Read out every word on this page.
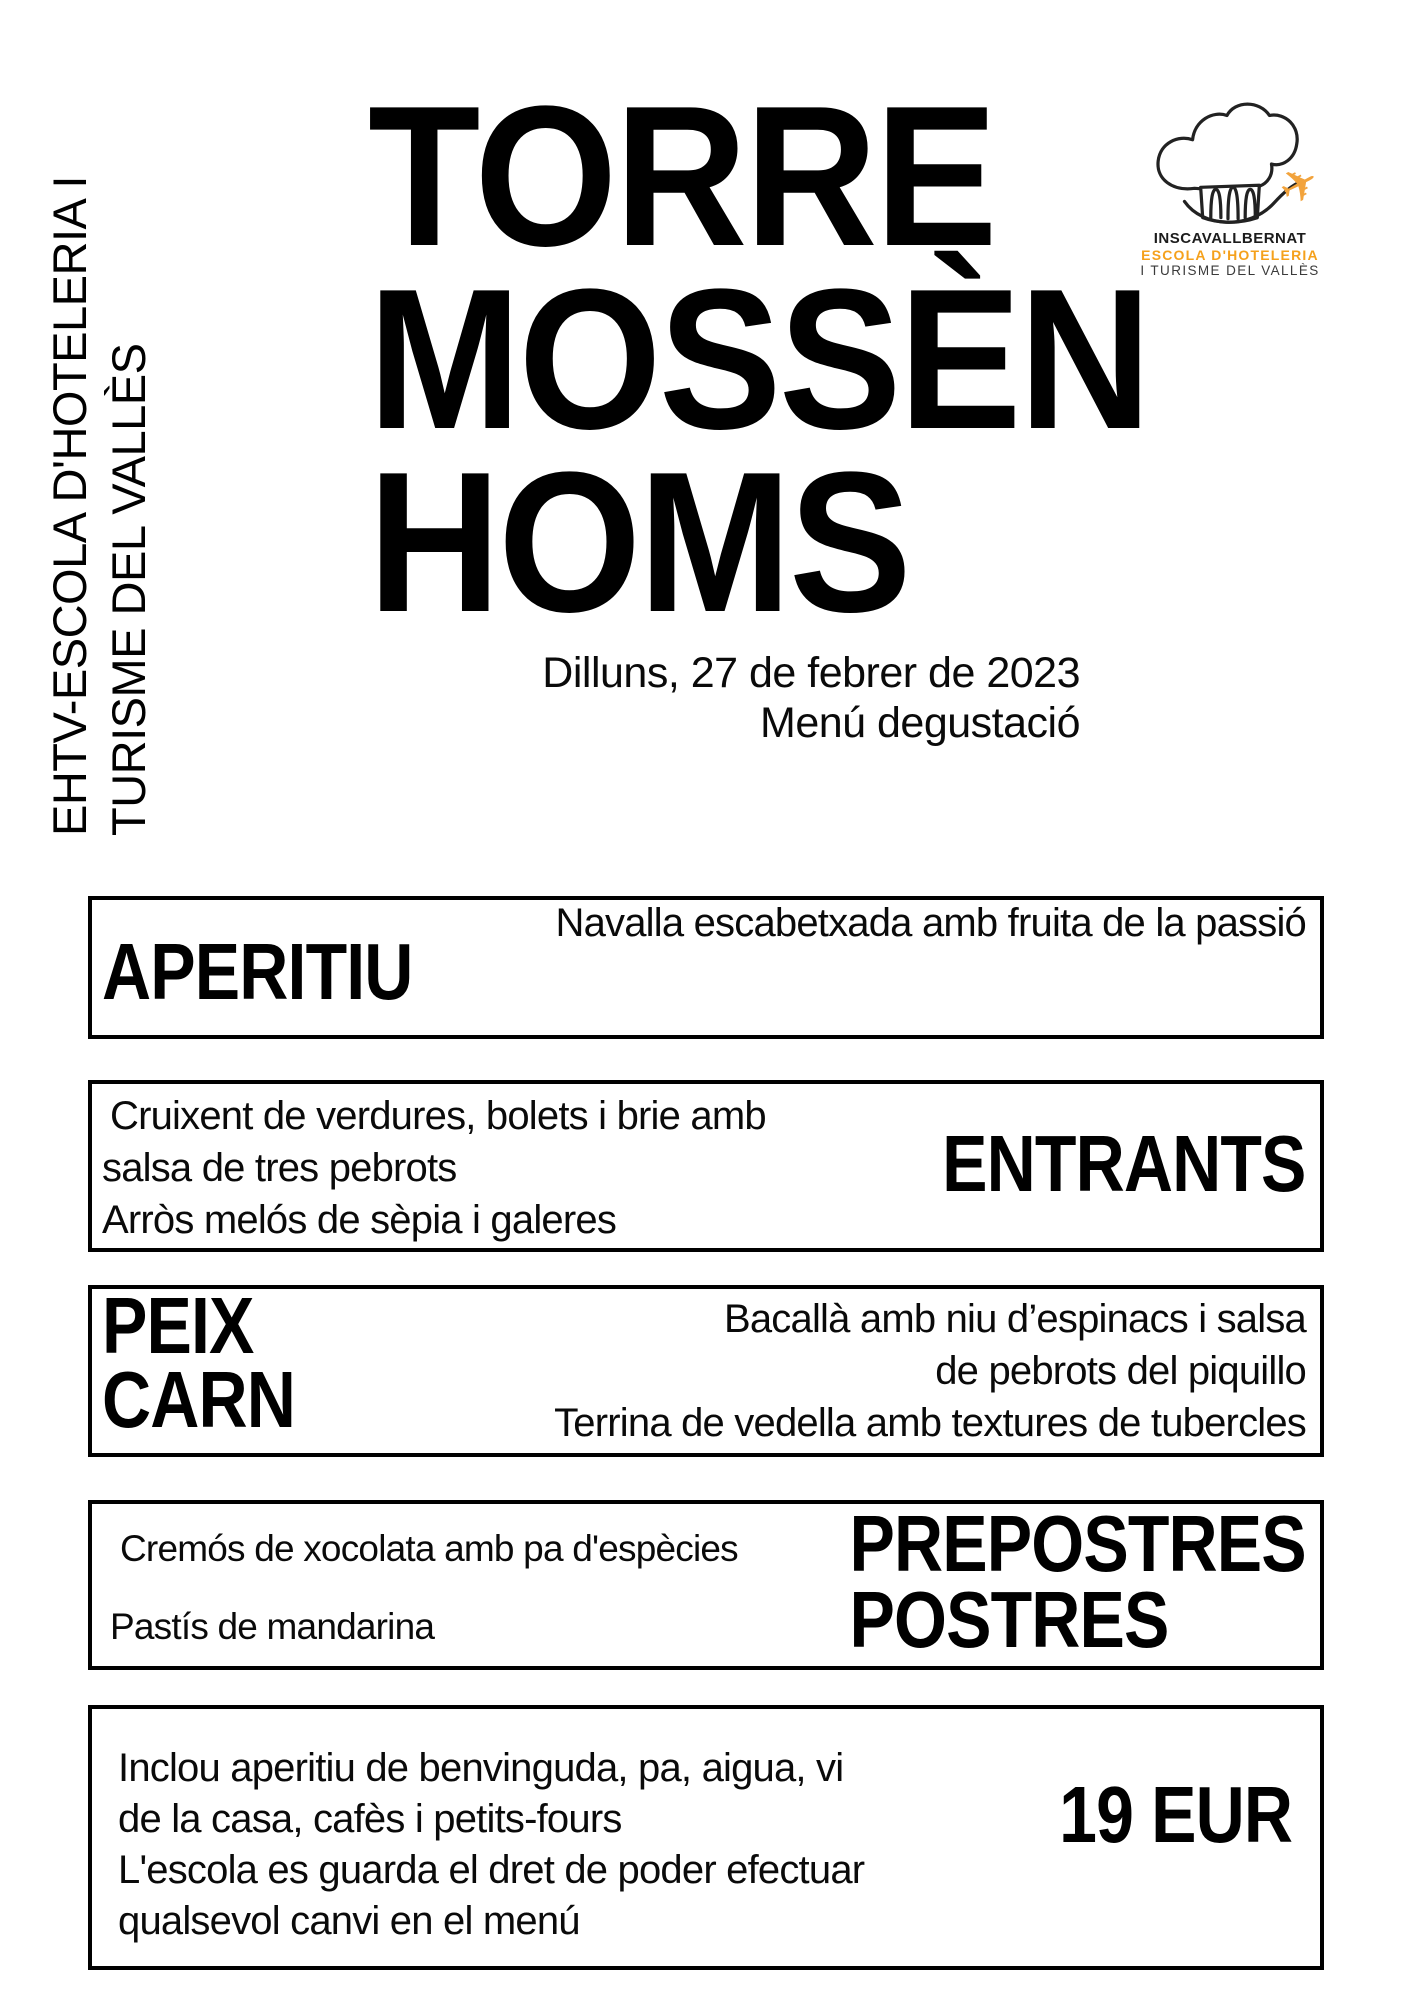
EHTV-ESCOLA D'HOTELERIA I TURISME DEL VALLÈS
TORRE
MOSSÈN
HOMS
✈
INSCAVALLBERNAT
ESCOLA D'HOTELERIA
I TURISME DEL VALLÈS
Dilluns, 27 de febrer de 2023
Menú degustació
Navalla escabetxada amb fruita de la passió
APERITIU
Cruixent de verdures, bolets i brie amb
salsa de tres pebrots
Arròs melós de sèpia i galeres
ENTRANTS
PEIX
CARN
Bacallà amb niu d’espinacs i salsa
de pebrots del piquillo
Terrina de vedella amb textures de tubercles
Cremós de xocolata amb pa d'espècies
Pastís de mandarina
PREPOSTRES
POSTRES
Inclou aperitiu de benvinguda, pa, aigua, vi
de la casa, cafès i petits-fours
L'escola es guarda el dret de poder efectuar
qualsevol canvi en el menú
19 EUR
